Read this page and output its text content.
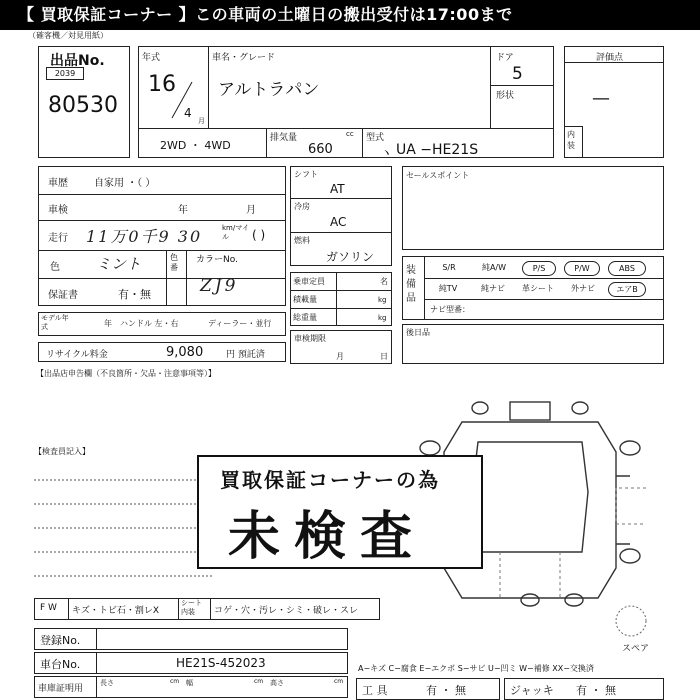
【 買取保証コーナー 】この車両の土曜日の搬出受付は17:00まで
（確客機／対見用紙）
出品No.
2039
80530
年式
16
4
月
車名・グレード
アルトラパン
ドア
5
形状
2WD ・ 4WD
排気量	cc
660
型式
ヽ UA −HE21S
評価点
—
内装
車歴	自家用 ・（ ）
車検	年	月
走行 11万0千9 30	km/マイル	( )
色 ミント	色番
カラーNo.
ZJ9
保証書	有・無
モデル年式	年 ハンドル 左・右	ディーラー・並行
リサイクル料金	9,080	円 預託済
【出品店申告欄（不良箇所・欠品・注意事項等）】
シフト
AT
冷房
AC
燃料
ガソリン
乗車定員	名
積載量	kg
総重量	kg
車検期限
月	日
セールスポイント
装備品
S/R	純A/W	P/S	P/W	ABS
純TV	純ナビ	革シート	外ナビ	エアB
ナビ型番：
後日品
【検査員記入】
買取保証コーナーの為
未検査
F W キズ・トビ石・割レX
シート内装	コゲ・穴・汚レ・シミ・破レ・スレ
登録No.
車台No.	HE21S-452023
車庫証明用
長さ	cm 幅	cm 高さ	cm
スペア
A−キズ C−腐食 E−エクボ S−サビ U−凹ミ W−補修 XX−交換済
工 具	有 ・ 無	ジャッキ 有 ・ 無
